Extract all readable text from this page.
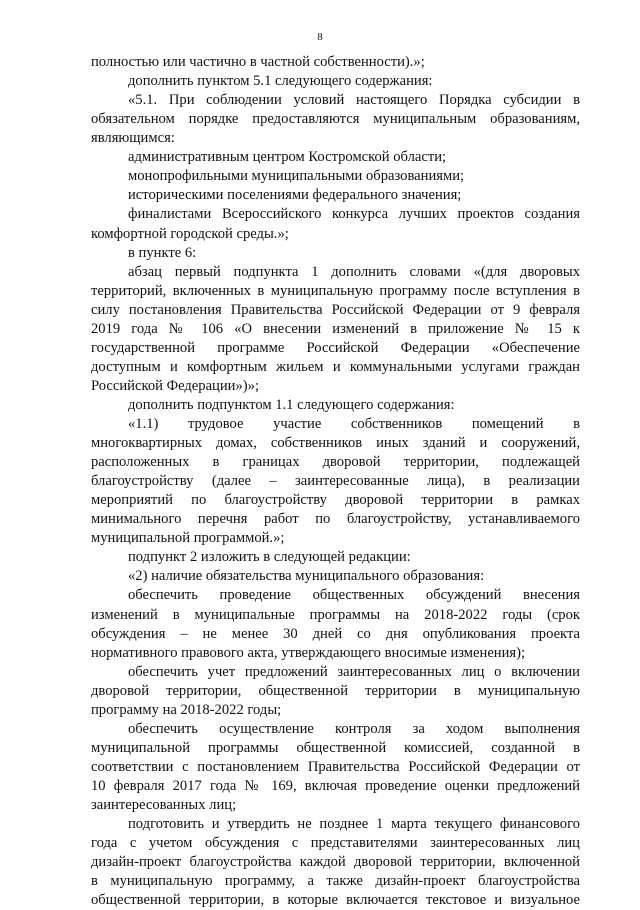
8
полностью или частично в частной собственности).»;
дополнить пунктом 5.1 следующего содержания:
«5.1. При соблюдении условий настоящего Порядка субсидии в
обязательном порядке предоставляются муниципальным образованиям,
являющимся:
административным центром Костромской области;
монопрофильными муниципальными образованиями;
историческими поселениями федерального значения;
финалистами Всероссийского конкурса лучших проектов создания
комфортной городской среды.»;
в пункте 6:
абзац первый подпункта 1 дополнить словами «(для дворовых
территорий, включенных в муниципальную программу после вступления в
силу постановления Правительства Российской Федерации от 9 февраля
2019 года № 106 «О внесении изменений в приложение № 15 к
государственной программе Российской Федерации «Обеспечение
доступным и комфортным жильем и коммунальными услугами граждан
Российской Федерации»)»;
дополнить подпунктом 1.1 следующего содержания:
«1.1) трудовое участие собственников помещений в
многоквартирных домах, собственников иных зданий и сооружений,
расположенных в границах дворовой территории, подлежащей
благоустройству (далее – заинтересованные лица), в реализации
мероприятий по благоустройству дворовой территории в рамках
минимального перечня работ по благоустройству, устанавливаемого
муниципальной программой.»;
подпункт 2 изложить в следующей редакции:
«2) наличие обязательства муниципального образования:
обеспечить проведение общественных обсуждений внесения
изменений в муниципальные программы на 2018-2022 годы (срок
обсуждения – не менее 30 дней со дня опубликования проекта
нормативного правового акта, утверждающего вносимые изменения);
обеспечить учет предложений заинтересованных лиц о включении
дворовой территории, общественной территории в муниципальную
программу на 2018-2022 годы;
обеспечить осуществление контроля за ходом выполнения
муниципальной программы общественной комиссией, созданной в
соответствии с постановлением Правительства Российской Федерации от
10 февраля 2017 года № 169, включая проведение оценки предложений
заинтересованных лиц;
подготовить и утвердить не позднее 1 марта текущего финансового
года с учетом обсуждения с представителями заинтересованных лиц
дизайн-проект благоустройства каждой дворовой территории, включенной
в муниципальную программу, а также дизайн-проект благоустройства
общественной территории, в которые включается текстовое и визуальное
